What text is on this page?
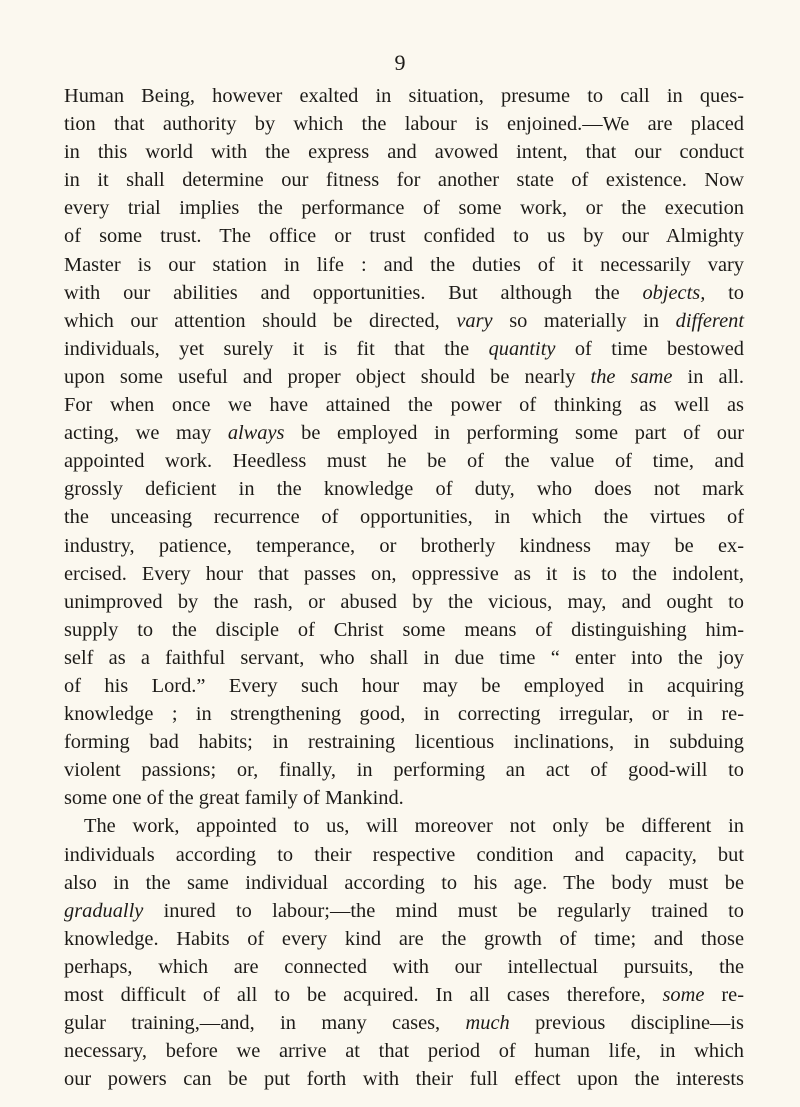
9
Human Being, however exalted in situation, presume to call in ques-
tion that authority by which the labour is enjoined.—We are placed
in this world with the express and avowed intent, that our conduct
in it shall determine our fitness for another state of existence. Now
every trial implies the performance of some work, or the execution
of some trust. The office or trust confided to us by our Almighty
Master is our station in life : and the duties of it necessarily vary
with our abilities and opportunities. But although the objects, to
which our attention should be directed, vary so materially in different
individuals, yet surely it is fit that the quantity of time bestowed
upon some useful and proper object should be nearly the same in all.
For when once we have attained the power of thinking as well as
acting, we may always be employed in performing some part of our
appointed work. Heedless must he be of the value of time, and
grossly deficient in the knowledge of duty, who does not mark
the unceasing recurrence of opportunities, in which the virtues of
industry, patience, temperance, or brotherly kindness may be ex-
ercised. Every hour that passes on, oppressive as it is to the indolent,
unimproved by the rash, or abused by the vicious, may, and ought to
supply to the disciple of Christ some means of distinguishing him-
self as a faithful servant, who shall in due time “ enter into the joy
of his Lord.” Every such hour may be employed in acquiring
knowledge ; in strengthening good, in correcting irregular, or in re-
forming bad habits; in restraining licentious inclinations, in subduing
violent passions; or, finally, in performing an act of good-will to
some one of the great family of Mankind.
The work, appointed to us, will moreover not only be different in
individuals according to their respective condition and capacity, but
also in the same individual according to his age. The body must be
gradually inured to labour;—the mind must be regularly trained to
knowledge. Habits of every kind are the growth of time; and those
perhaps, which are connected with our intellectual pursuits, the
most difficult of all to be acquired. In all cases therefore, some re-
gular training,—and, in many cases, much previous discipline—is
necessary, before we arrive at that period of human life, in which
our powers can be put forth with their full effect upon the interests
